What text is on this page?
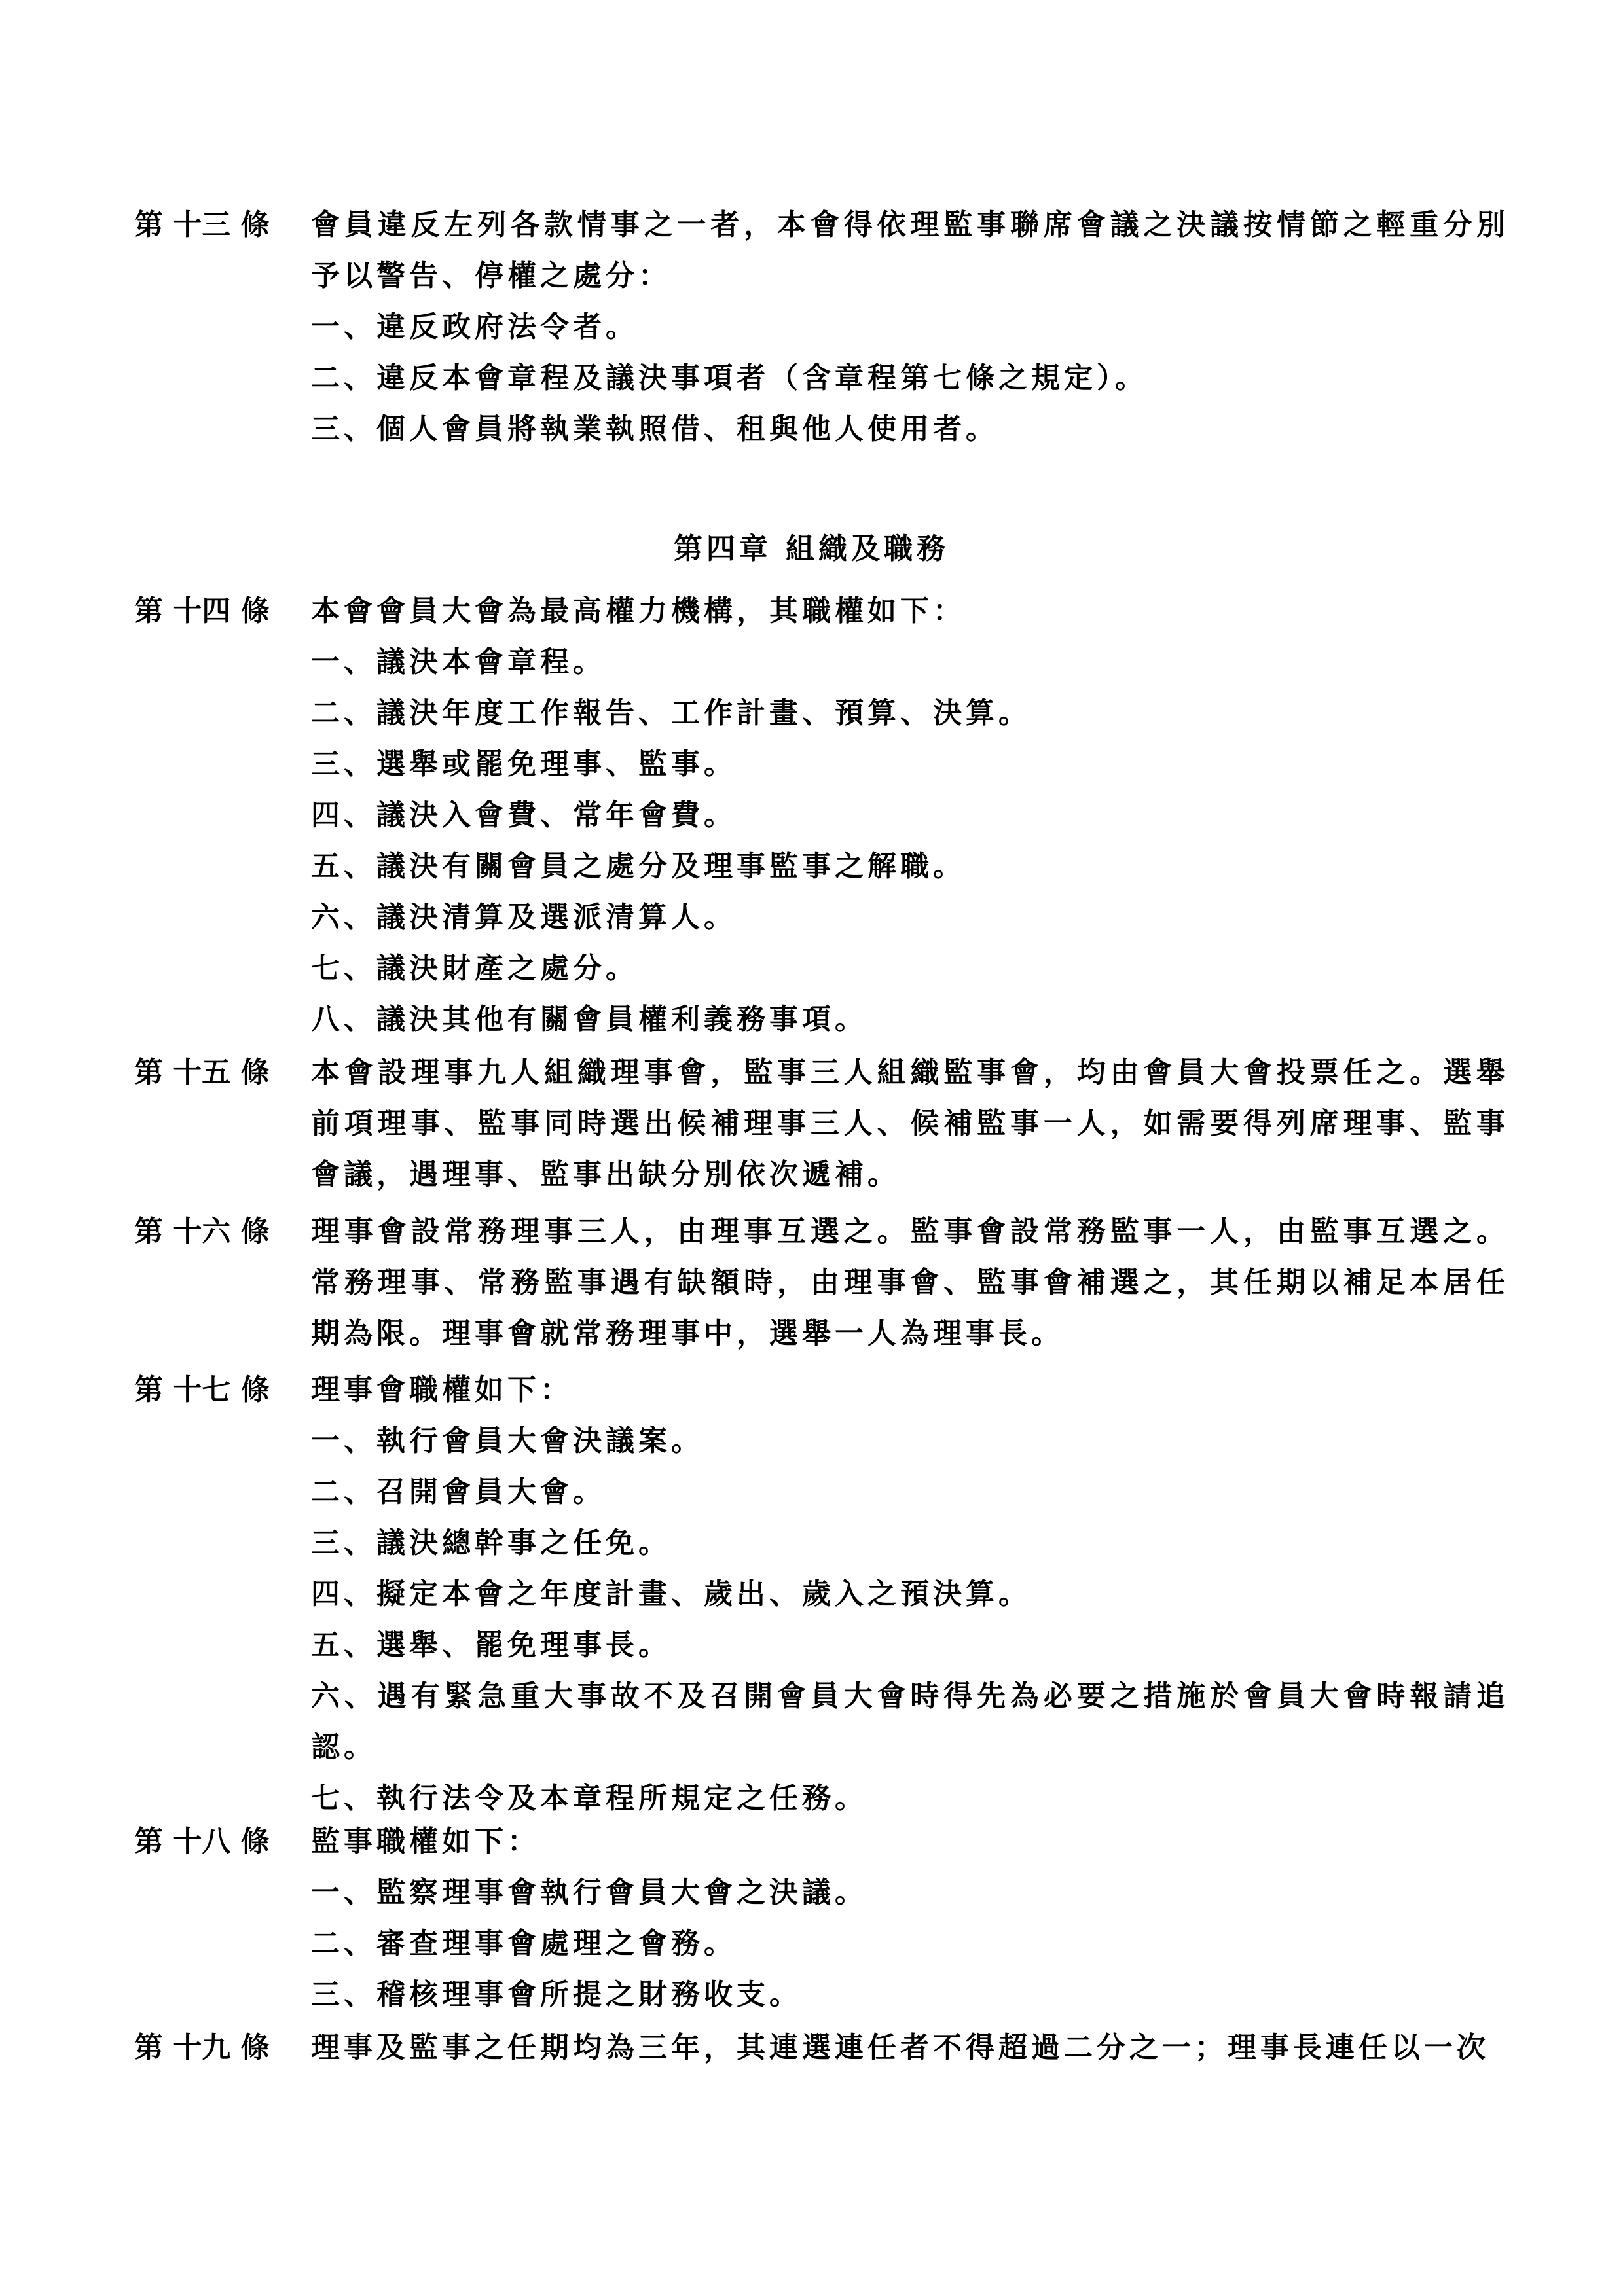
第 十三 條	會員違反左列各款情事之一者，本會得依理監事聯席會議之決議按情節之輕重分別予以警告、停權之處分：
一、違反政府法令者。
二、違反本會章程及議決事項者（含章程第七條之規定）。
三、個人會員將執業執照借、租與他人使用者。
第四章 組織及職務
第 十四 條	本會會員大會為最高權力機構，其職權如下：
一、議決本會章程。
二、議決年度工作報告、工作計畫、預算、決算。
三、選舉或罷免理事、監事。
四、議決入會費、常年會費。
五、議決有關會員之處分及理事監事之解職。
六、議決清算及選派清算人。
七、議決財產之處分。
八、議決其他有關會員權利義務事項。
第 十五 條	本會設理事九人組織理事會，監事三人組織監事會，均由會員大會投票任之。選舉前項理事、監事同時選出候補理事三人、候補監事一人，如需要得列席理事、監事會議，遇理事、監事出缺分別依次遞補。
第 十六 條	理事會設常務理事三人，由理事互選之。監事會設常務監事一人，由監事互選之。常務理事、常務監事遇有缺額時，由理事會、監事會補選之，其任期以補足本居任期為限。理事會就常務理事中，選舉一人為理事長。
第 十七 條	理事會職權如下：
一、執行會員大會決議案。
二、召開會員大會。
三、議決總幹事之任免。
四、擬定本會之年度計畫、歲出、歲入之預決算。
五、選舉、罷免理事長。
六、遇有緊急重大事故不及召開會員大會時得先為必要之措施於會員大會時報請追認。
七、執行法令及本章程所規定之任務。
第 十八 條	監事職權如下：
一、監察理事會執行會員大會之決議。
二、審查理事會處理之會務。
三、稽核理事會所提之財務收支。
第 十九 條	理事及監事之任期均為三年，其連選連任者不得超過二分之一；理事長連任以一次
